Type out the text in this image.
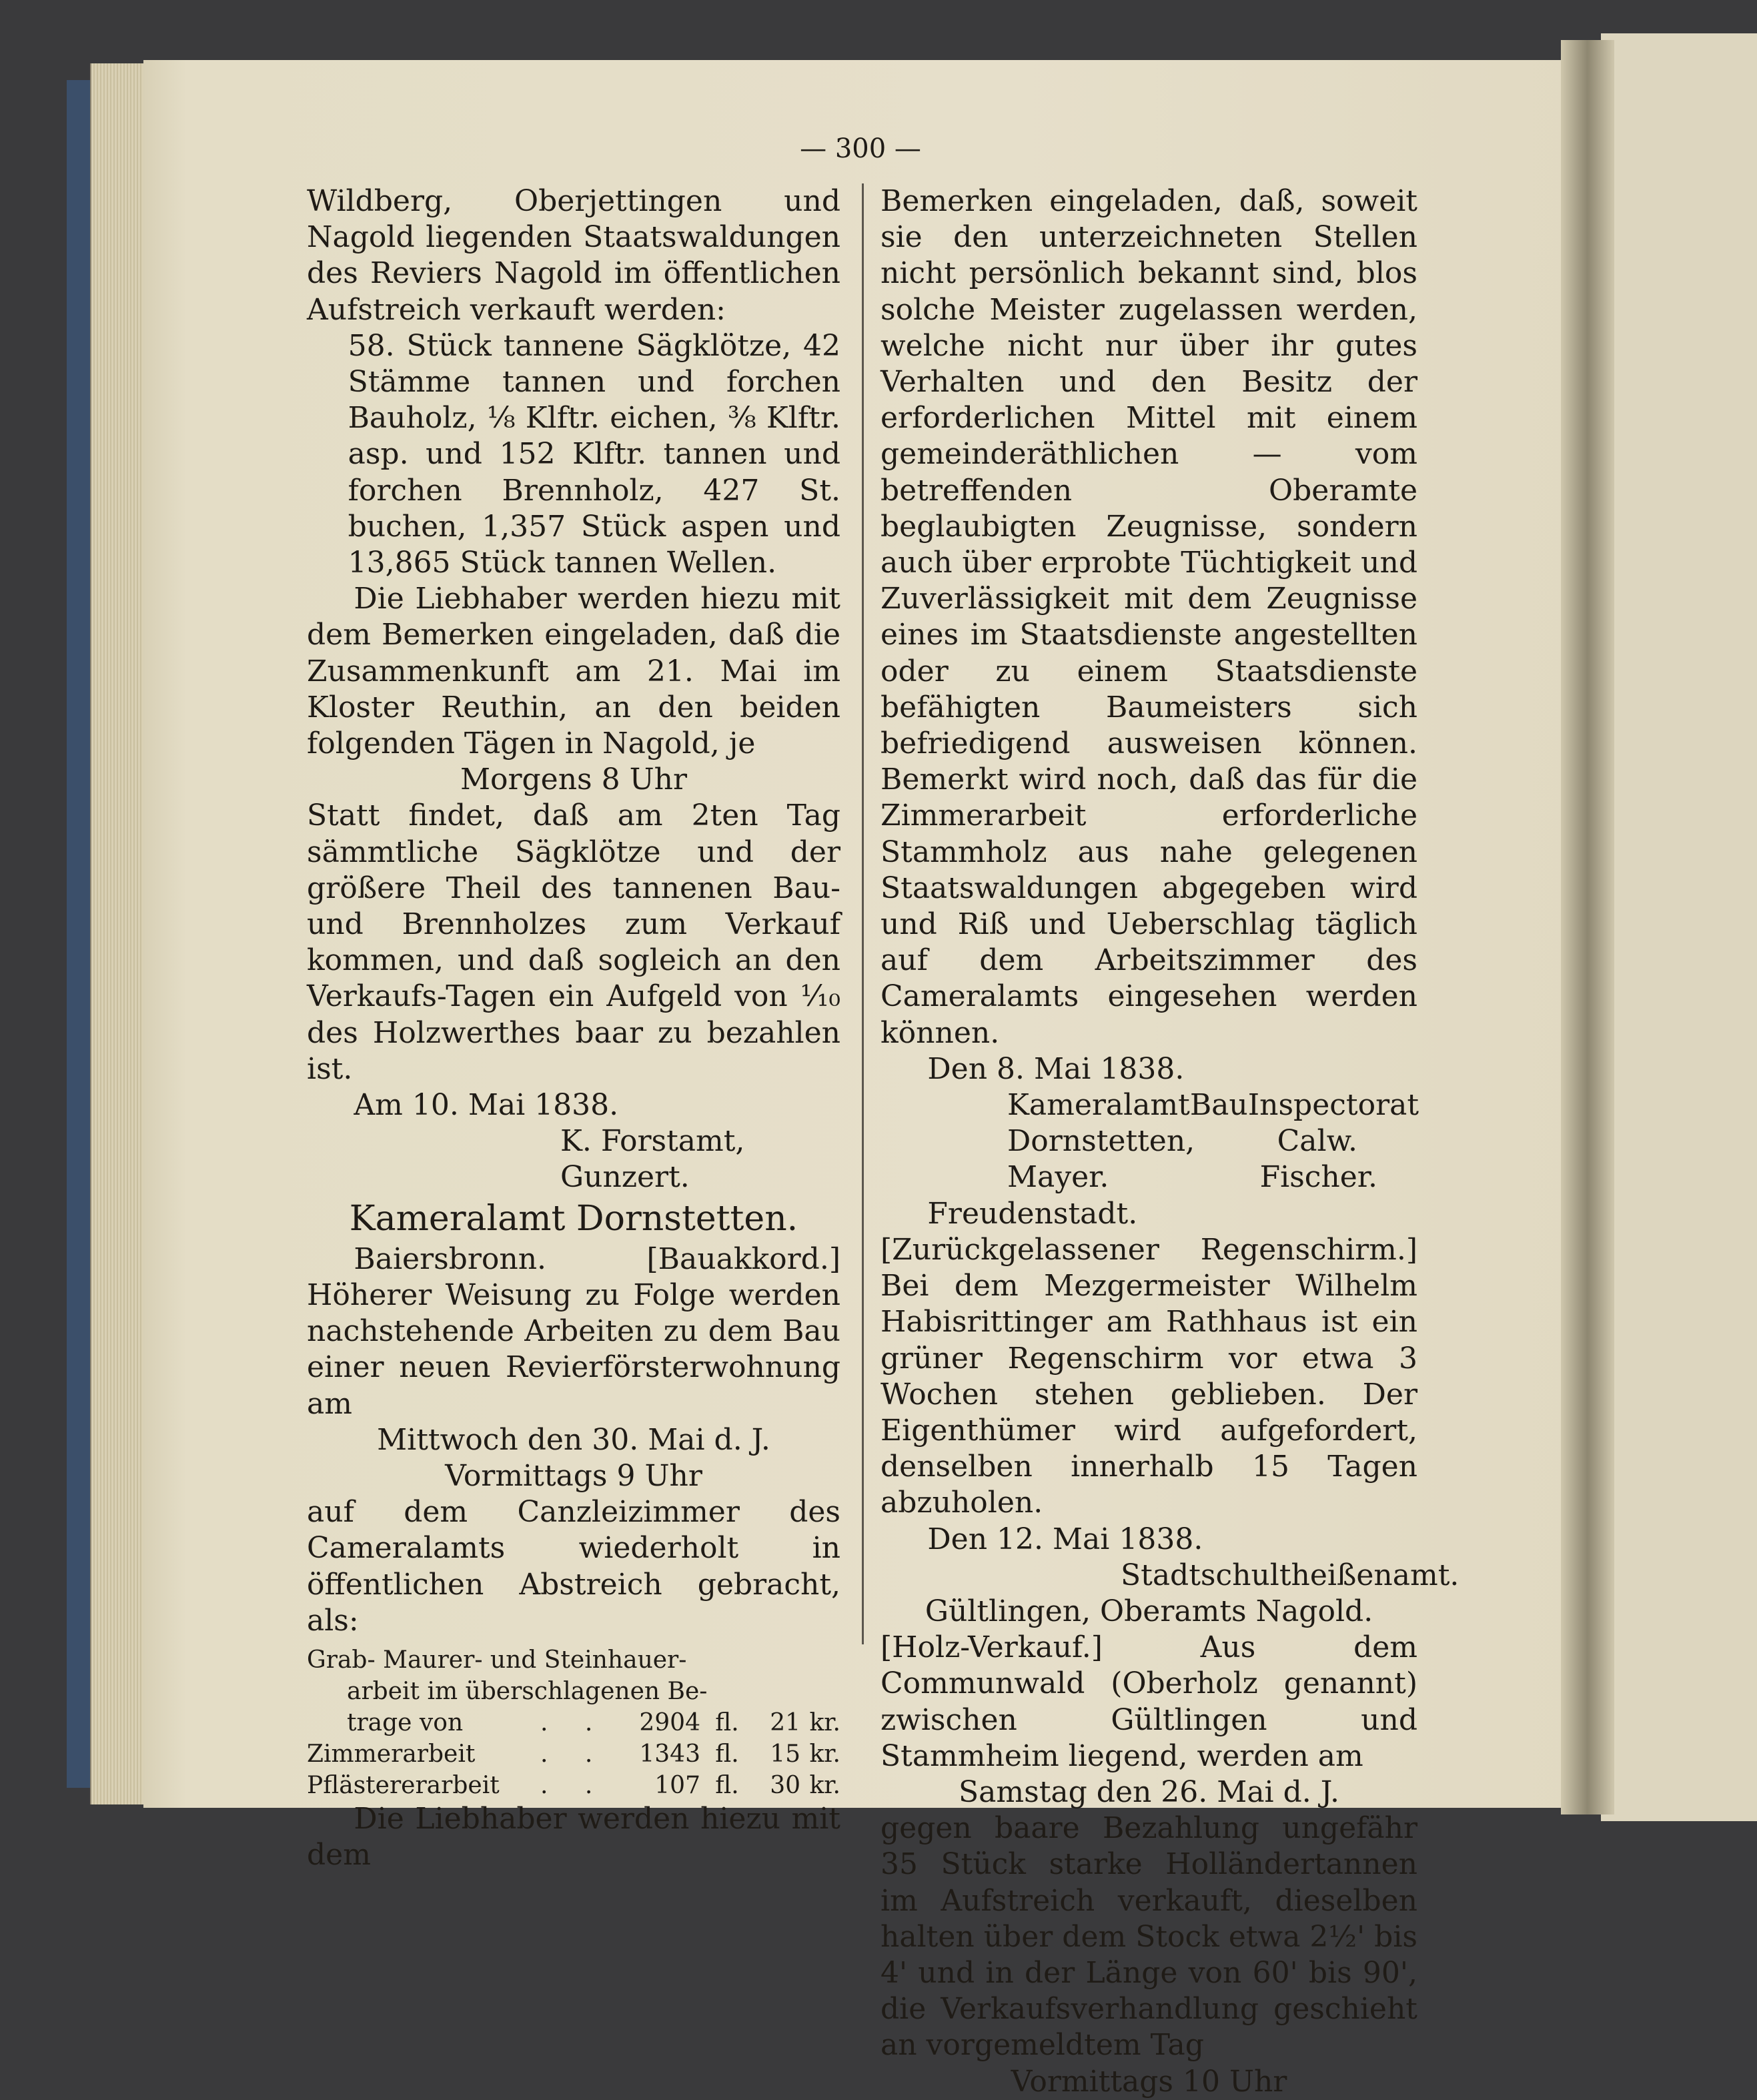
— 300 —

Wildberg, Oberjettingen und Nagold liegenden Staatswaldungen des Reviers Nagold im öffentlichen Aufstreich verkauft werden:

58. Stück tannene Sägklötze, 42 Stämme tannen und forchen Bauholz, ⅛ Klftr. eichen, ⅜ Klftr. asp. und 152 Klftr. tannen und forchen Brennholz, 427 St. buchen, 1,357 Stück aspen und 13,865 Stück tannen Wellen.

Die Liebhaber werden hiezu mit dem Bemerken eingeladen, daß die Zusammenkunft am 21. Mai im Kloster Reuthin, an den beiden folgenden Tägen in Nagold, je

Morgens 8 Uhr

Statt findet, daß am 2ten Tag sämmtliche Sägklötze und der größere Theil des tannenen Bau- und Brennholzes zum Verkauf kommen, und daß sogleich an den Verkaufs-Tagen ein Aufgeld von ⅒ des Holzwerthes baar zu bezahlen ist.

Am 10. Mai 1838.

K. Forstamt,

Gunzert.

Kameralamt Dornstetten.

Baiersbronn. [Bauakkord.] Höherer Weisung zu Folge werden nachstehende Arbeiten zu dem Bau einer neuen Revierförsterwohnung am

Mittwoch den 30. Mai d. J.

Vormittags 9 Uhr

auf dem Canzleizimmer des Cameralamts wiederholt in öffentlichen Abstreich gebracht, als:

Grab- Maurer- und Steinhauer-
arbeit im überschlagenen Be-
trage von	. .	2904 fl.	21 kr.
Zimmerarbeit	. .	1343 fl.	15 kr.
Pflästererarbeit	. .	107 fl.	30 kr.

Die Liebhaber werden hiezu mit dem

Bemerken eingeladen, daß, soweit sie den unterzeichneten Stellen nicht persönlich bekannt sind, blos solche Meister zugelassen werden, welche nicht nur über ihr gutes Verhalten und den Besitz der erforderlichen Mittel mit einem gemeinderäthlichen — vom betreffenden Oberamte beglaubigten Zeugnisse, sondern auch über erprobte Tüchtigkeit und Zuverlässigkeit mit dem Zeugnisse eines im Staatsdienste angestellten oder zu einem Staatsdienste befähigten Baumeisters sich befriedigend ausweisen können. Bemerkt wird noch, daß das für die Zimmerarbeit erforderliche Stammholz aus nahe gelegenen Staatswaldungen abgegeben wird und Riß und Ueberschlag täglich auf dem Arbeitszimmer des Cameralamts eingesehen werden können.

Den 8. Mai 1838.

Kameralamt BauInspectorat
Dornstetten,	Calw.
Mayer.	Fischer.

Freudenstadt. [Zurückgelassener Regenschirm.] Bei dem Mezgermeister Wilhelm Habisrittinger am Rathhaus ist ein grüner Regenschirm vor etwa 3 Wochen stehen geblieben. Der Eigenthümer wird aufgefordert, denselben innerhalb 15 Tagen abzuholen.

Den 12. Mai 1838.

Stadtschultheißenamt.

Gültlingen, Oberamts Nagold.

[Holz-Verkauf.] Aus dem Communwald (Oberholz genannt) zwischen Gültlingen und Stammheim liegend, werden am

Samstag den 26. Mai d. J.

gegen baare Bezahlung ungefähr 35 Stück starke Holländertannen im Aufstreich verkauft, dieselben halten über dem Stock etwa 2½' bis 4' und in der Länge von 60' bis 90', die Verkaufsverhandlung geschieht an vorgemeldtem Tag

Vormittags 10 Uhr
